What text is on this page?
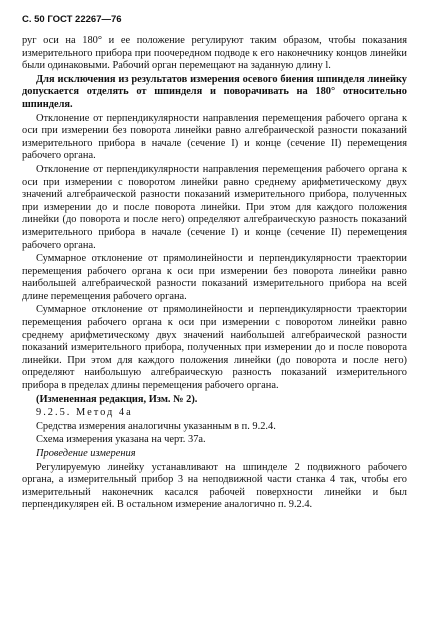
С. 50 ГОСТ 22267—76

руг оси на 180° и ее положение регулируют таким образом, чтобы показания измерительного прибора при поочередном подводе к его наконечнику концов линейки были одинаковыми. Рабочий орган перемещают на заданную длину l.

Для исключения из результатов измерения осевого биения шпинделя линейку допускается отделять от шпинделя и поворачивать на 180° относительно шпинделя.

Отклонение от перпендикулярности направления перемещения рабочего органа к оси при измерении без поворота линейки равно алгебраической разности показаний измерительного прибора в начале (сечение I) и конце (сечение II) перемещения рабочего органа.

Отклонение от перпендикулярности направления перемещения рабочего органа к оси при измерении с поворотом линейки равно среднему арифметическому двух значений алгебраической разности показаний измерительного прибора, полученных при измерении до и после поворота линейки. При этом для каждого положения линейки (до поворота и после него) определяют алгебраическую разность показаний измерительного прибора в начале (сечение I) и конце (сечение II) перемещения рабочего органа.

Суммарное отклонение от прямолинейности и перпендикулярности траектории перемещения рабочего органа к оси при измерении без поворота линейки равно наибольшей алгебраической разности показаний измерительного прибора на всей длине перемещения рабочего органа.

Суммарное отклонение от прямолинейности и перпендикулярности траектории перемещения рабочего органа к оси при измерении с поворотом линейки равно среднему арифметическому двух значений наибольшей алгебраической разности показаний измерительного прибора, полученных при измерении до и после поворота линейки. При этом для каждого положения линейки (до поворота и после него) определяют наибольшую алгебраическую разность показаний измерительного прибора в пределах длины перемещения рабочего органа.

(Измененная редакция, Изм. № 2).

9.2.5. Метод 4а

Средства измерения аналогичны указанным в п. 9.2.4.

Схема измерения указана на черт. 37а.

Проведение измерения

Регулируемую линейку устанавливают на шпинделе 2 подвижного рабочего органа, а измерительный прибор 3 на неподвижной части станка 4 так, чтобы его измерительный наконечник касался рабочей поверхности линейки и был перпендикулярен ей. В остальном измерение аналогично п. 9.2.4.
